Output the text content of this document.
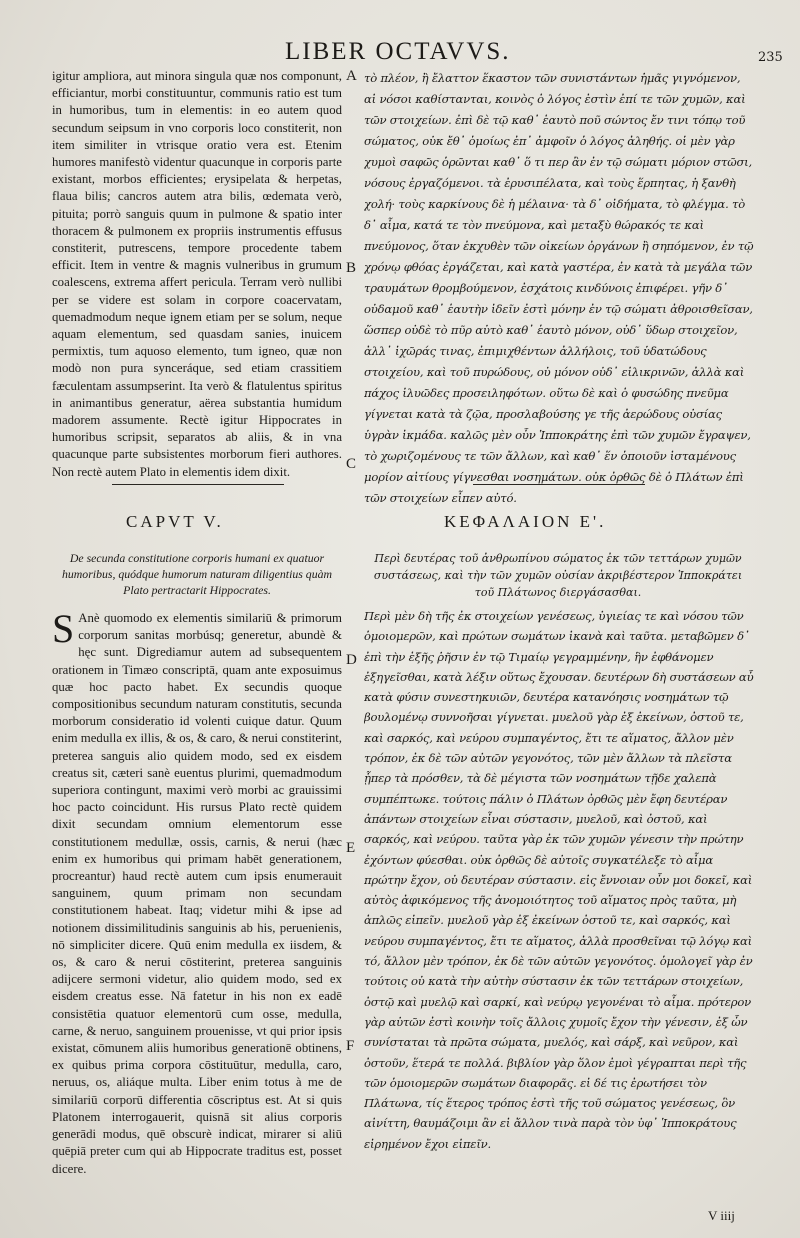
LIBER OCTAVVS.	235
igitur ampliora, aut minora singula quæ nos componunt, efficiantur, morbi constituuntur, communis ratio est tum in humoribus, tum in elementis: in eo autem quod secundum seipsum in vno corporis loco constiterit, non item similiter in vtrisque oratio vera est. Etenim humores manifestò videntur quacunque in corporis parte existant, morbos efficientes; erysipelata & herpetas, flaua bilis; cancros autem atra bilis, œdemata verò, pituita; porrò sanguis quum in pulmone & spatio inter thoracem & pulmonem ex propriis instrumentis effusus constiterit, putrescens, tempore procedente tabem efficit. Item in ventre & magnis vulneribus in grumum coalescens, extrema affert pericula. Terram verò nullibi per se videre est solam in corpore coacervatam, quemadmodum neque ignem etiam per se solum, neque aquam elementum, sed quasdam sanies, inuicem permixtis, tum aquoso elemento, tum igneo, quæ non modò non pura synceráque, sed etiam crassitiem fæculentam assumpserint. Ita verò & flatulentus spiritus in animantibus generatur, aërea substantia humidum madorem assumente. Rectè igitur Hippocrates in humoribus scripsit, separatos ab aliis, & in vna quacunque parte subsistentes morborum fieri authores. Non rectè autem Plato in elementis idem dixit.
τὸ πλέον, ἢ ἔλαττον ἕκαστον τῶν συνιστάντων ἡμᾶς γιγνόμενον, αἱ νόσοι καθίστανται, κοινὸς ὁ λόγος ἐστὶν ἐπί τε τῶν χυμῶν, καὶ τῶν στοιχείων. ἐπὶ δὲ τῷ καθ᾽ ἑαυτὸ ποῦ σώντος ἔν τινι τόπῳ τοῦ σώματος, οὐκ ἔθ᾽ ὁμοίως ἐπ᾽ ἀμφοῖν ὁ λόγος ἀληθής. οἱ μὲν γὰρ χυμοὶ σαφῶς ὁρῶνται καθ᾽ ὅ τι περ ἂν ἐν τῷ σώματι μόριον στῶσι, νόσους ἐργαζόμενοι. τὰ ἐρυσιπέλατα, καὶ τοὺς ἕρπητας, ἡ ξανθὴ χολή· τοὺς καρκίνους δὲ ἡ μέλαινα· τὰ δ᾽ οἰδήματα, τὸ φλέγμα. τὸ δ᾽ αἷμα, κατά τε τὸν πνεύμονα, καὶ μεταξὺ θώρακός τε καὶ πνεύμονος, ὅταν ἐκχυθὲν τῶν οἰκείων ὀργάνων ἢ σηπόμενον, ἐν τῷ χρόνῳ φθόας ἐργάζεται, καὶ κατὰ γαστέρα, ἐν κατὰ τὰ μεγάλα τῶν τραυμάτων θρομβούμενον, ἐσχάτοις κινδύνοις ἐπιφέρει. γῆν δ᾽ οὐδαμοῦ καθ᾽ ἑαυτὴν ἰδεῖν ἐστὶ μόνην ἐν τῷ σώματι ἀθροισθεῖσαν, ὥσπερ οὐδὲ τὸ πῦρ αὐτὸ καθ᾽ ἑαυτὸ μόνον, οὐδ᾽ ὕδωρ στοιχεῖον, ἀλλ᾽ ἰχῶράς τινας, ἐπιμιχθέντων ἀλλήλοις, τοῦ ὑδατώδους στοιχείου, καὶ τοῦ πυρώδους, οὐ μόνον οὐδ᾽ εἰλικρινῶν, ἀλλὰ καὶ πάχος ἰλυῶδες προσειληφότων. οὕτω δὲ καὶ ὁ φυσώδης πνεῦμα γίγνεται κατὰ τὰ ζῷα, προσλαβούσης γε τῆς ἀερώδους οὐσίας ὑγρὰν ἰκμάδα. καλῶς μὲν οὖν Ἱπποκράτης ἐπὶ τῶν χυμῶν ἔγραψεν, τὸ χωριζομένους τε τῶν ἄλλων, καὶ καθ᾽ ἕν ὁποιοῦν ἱσταμένους μορίον αἰτίους γίγνεσθαι νοσημάτων. οὐκ ὀρθῶς δὲ ὁ Πλάτων ἐπὶ τῶν στοιχείων εἶπεν αὐτό.
A
B
C
D
E
F
CAPVT V.	ΚΕΦΑΛΑΙΟΝ Ε'.
De secunda constitutione corporis humani ex quatuor humoribus, quódque humorum naturam diligentius quàm Plato pertractarit Hippocrates.
Περὶ δευτέρας τοῦ ἀνθρωπίνου σώματος ἐκ τῶν τεττάρων χυμῶν συστάσεως, καὶ τὴν τῶν χυμῶν οὐσίαν ἀκριβέστερον Ἱπποκράτει τοῦ Πλάτωνος διεργάσασθαι.
S Anè quomodo ex elementis similariū & primorum corporum sanitas morbúsq; generetur, abundè & hęc sunt. Digrediamur autem ad subsequentem orationem in Timæo conscriptā, quam ante exposuimus quæ hoc pacto habet. Ex secundis quoque compositionibus secundum naturam constitutis, secunda morborum consideratio id volenti cuique datur. Quum enim medulla ex illis, & os, & caro, & nerui constiterint, preterea sanguis alio quidem modo, sed ex eisdem creatus sit, cæteri sanè euentus plurimi, quemadmodum superiora contingunt, maximi verò morbi ac grauissimi hoc pacto coincidunt. His rursus Plato rectè quidem dixit secundam omnium elementorum esse constitutionem medullæ, ossis, carnis, & nerui (hæc enim ex humoribus qui primam habēt generationem, procreantur) haud rectè autem cum ipsis enumerauit sanguinem, quum primam non secundam constitutionem habeat. Itaq; videtur mihi & ipse ad notionem dissimilitudinis sanguinis ab his, peruenienis, nō simpliciter dicere. Quū enim medulla ex iisdem, & os, & caro & nerui cōstiterint, preterea sanguinis adijcere sermoni videtur, alio quidem modo, sed ex eisdem creatus esse. Nā fatetur in his non ex eadē consistētia quatuor elementorū cum osse, medulla, carne, & neruo, sanguinem prouenisse, vt qui prior ipsis existat, cōmunem aliis humoribus generationē obtinens, ex quibus prima corpora cōstituūtur, medulla, caro, neruus, os, aliáque multa. Liber enim totus à me de similariū corporū differentia cōscriptus est. At si quis Platonem interrogauerit, quisnā sit alius corporis generādi modus, quē obscurè indicat, mirarer si aliū quēpiā preter cum qui ab Hippocrate traditus est, posset dicere.
Περὶ μὲν δὴ τῆς ἐκ στοιχείων γενέσεως, ὑγιείας τε καὶ νόσου τῶν ὁμοιομερῶν, καὶ πρώτων σωμάτων ἱκανὰ καὶ ταῦτα. μεταβῶμεν δ᾽ ἐπὶ τὴν ἑξῆς ῥῆσιν ἐν τῷ Τιμαίῳ γεγραμμένην, ἣν ἐφθάνομεν ἐξηγεῖσθαι, κατὰ λέξιν οὕτως ἔχουσαν. δευτέρων δὴ συστάσεων αὖ κατὰ φύσιν συνεστηκυιῶν, δευτέρα κατανόησις νοσημάτων τῷ βουλομένῳ συννοῆσαι γίγνεται. μυελοῦ γὰρ ἐξ ἐκείνων, ὀστοῦ τε, καὶ σαρκός, καὶ νεύρου συμπαγέντος, ἔτι τε αἵματος, ἄλλον μὲν τρόπον, ἐκ δὲ τῶν αὐτῶν γεγονότος, τῶν μὲν ἄλλων τὰ πλεῖστα ᾗπερ τὰ πρόσθεν, τὰ δὲ μέγιστα τῶν νοσημάτων τῇδε χαλεπὰ συμπέπτωκε. τούτοις πάλιν ὁ Πλάτων ὀρθῶς μὲν ἔφη δευτέραν ἁπάντων στοιχείων εἶναι σύστασιν, μυελοῦ, καὶ ὀστοῦ, καὶ σαρκός, καὶ νεύρου. ταῦτα γὰρ ἐκ τῶν χυμῶν γένεσιν τὴν πρώτην ἐχόντων φύεσθαι. οὐκ ὀρθῶς δὲ αὐτοῖς συγκατέλεξε τὸ αἷμα πρώτην ἔχον, οὐ δευτέραν σύστασιν. εἰς ἔννοιαν οὖν μοι δοκεῖ, καὶ αὐτὸς ἀφικόμενος τῆς ἀνομοιότητος τοῦ αἵματος πρὸς ταῦτα, μὴ ἁπλῶς εἰπεῖν. μυελοῦ γὰρ ἐξ ἐκείνων ὀστοῦ τε, καὶ σαρκός, καὶ νεύρου συμπαγέντος, ἔτι τε αἵματος, ἀλλὰ προσθεῖναι τῷ λόγῳ καὶ τό, ἄλλον μὲν τρόπον, ἐκ δὲ τῶν αὐτῶν γεγονότος. ὁμολογεῖ γὰρ ἐν τούτοις οὐ κατὰ τὴν αὐτὴν σύστασιν ἐκ τῶν τεττάρων στοιχείων, ὀστῷ καὶ μυελῷ καὶ σαρκί, καὶ νεύρῳ γεγονέναι τὸ αἷμα. πρότερον γὰρ αὐτῶν ἐστὶ κοινὴν τοῖς ἄλλοις χυμοῖς ἔχον τὴν γένεσιν, ἐξ ὧν συνίσταται τὰ πρῶτα σώματα, μυελός, καὶ σάρξ, καὶ νεῦρον, καὶ ὀστοῦν, ἕτερά τε πολλά. βιβλίον γὰρ ὅλον ἐμοὶ γέγραπται περὶ τῆς τῶν ὁμοιομερῶν σωμάτων διαφορᾶς. εἰ δέ τις ἐρωτήσει τὸν Πλάτωνα, τίς ἕτερος τρόπος ἐστὶ τῆς τοῦ σώματος γενέσεως, ὃν αἰνίττη, θαυμάζοιμι ἂν εἰ ἄλλον τινὰ παρὰ τὸν ὑφ᾽ Ἱπποκράτους εἰρημένον ἔχοι εἰπεῖν.
V iiij
